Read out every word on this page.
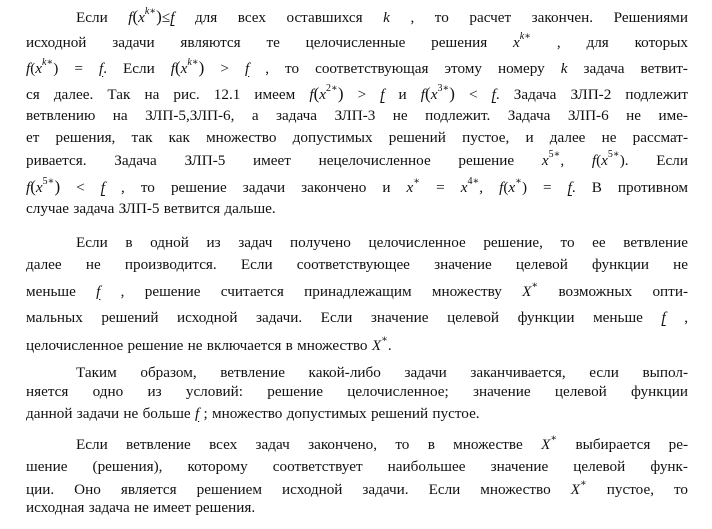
Если $f(x^{k∗})\le f$ для всех оставшихся k , то расчет закончен. Решениями
исходной задачи являются те целочисленные решения $x^{k∗}$ , для которых
$f(x^{k∗}) = f$. Если $f(x^{k∗}) > f$ , то соответствующая этому номеру k задача ветвит-
ся далее. Так на рис. 12.1 имеем $f(x^{2∗}) > f$ и $f(x^{3∗}) < f$. Задача ЗЛП-2 подлежит
ветвлению на ЗЛП-5,ЗЛП-6, а задача ЗЛП-3 не подлежит. Задача ЗЛП-6 не име-
ет решения, так как множество допустимых решений пустое, и далее не рассмат-
ривается. Задача ЗЛП-5 имеет нецелочисленное решение $x^{5∗}$, $f(x^{5∗})$. Если
$f(x^{5∗}) < f$ , то решение задачи закончено и $x^∗ = x^{4∗}$, f(x∗) = f. В противном
случае задача ЗЛП-5 ветвится дальше.
Если в одной из задач получено целочисленное решение, то ее ветвление
далее не производится. Если соответствующее значение целевой функции не
меньше f , решение считается принадлежащим множеству X∗ возможных опти-
мальных решений исходной задачи. Если значение целевой функции меньше f ,
целочисленное решение не включается в множество X∗.
Таким образом, ветвление какой-либо задачи заканчивается, если выпол-
няется одно из условий: решение целочисленное; значение целевой функции
данной задачи не больше f ; множество допустимых решений пустое.
Если ветвление всех задач закончено, то в множестве X∗ выбирается ре-
шение (решения), которому соответствует наибольшее значение целевой функ-
ции. Оно является решением исходной задачи. Если множество X∗ пустое, то
исходная задача не имеет решения.
